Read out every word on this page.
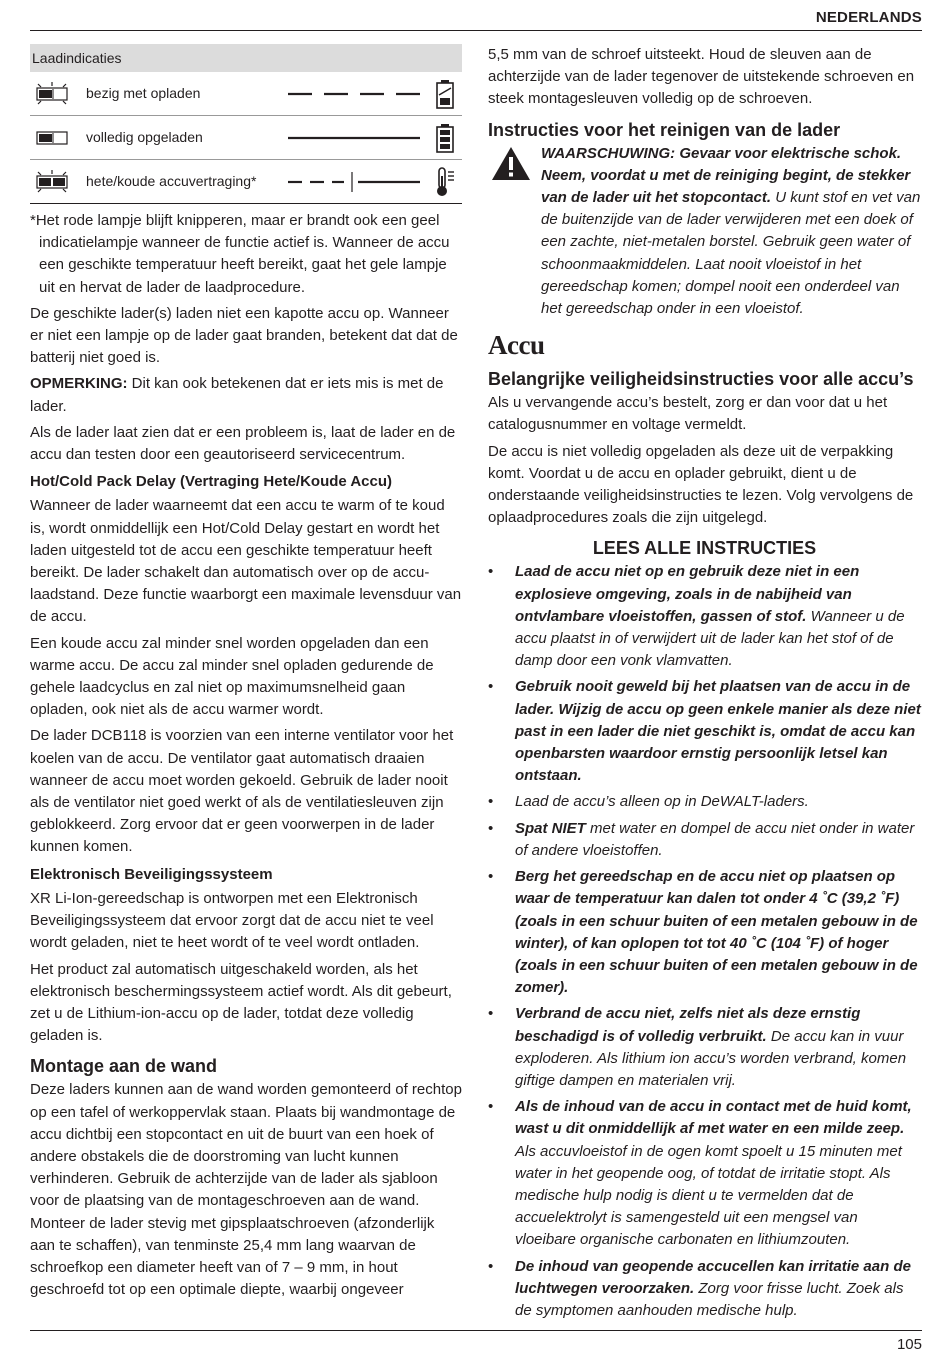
NEDERLANDS
Laadindicaties
bezig met opladen
volledig opgeladen
hete/koude accuvertraging*

*Het rode lampje blijft knipperen, maar er brandt ook een geel indicatielampje wanneer de functie actief is. Wanneer de accu een geschikte temperatuur heeft bereikt, gaat het gele lampje uit en hervat de lader de laadprocedure.

De geschikte lader(s) laden niet een kapotte accu op. Wanneer er niet een lampje op de lader gaat branden, betekent dat dat de batterij niet goed is.

OPMERKING: Dit kan ook betekenen dat er iets mis is met de lader.

Als de lader laat zien dat er een probleem is, laat de lader en de accu dan testen door een geautoriseerd servicecentrum.

Hot/Cold Pack Delay (Vertraging Hete/Koude Accu)

Wanneer de lader waarneemt dat een accu te warm of te koud is, wordt onmiddellijk een Hot/Cold Delay gestart en wordt het laden uitgesteld tot de accu een geschikte temperatuur heeft bereikt. De lader schakelt dan automatisch over op de accu-laadstand. Deze functie waarborgt een maximale levensduur van de accu.

Een koude accu zal minder snel worden opgeladen dan een warme accu. De accu zal minder snel opladen gedurende de gehele laadcyclus en zal niet op maximumsnelheid gaan opladen, ook niet als de accu warmer wordt.

De lader DCB118 is voorzien van een interne ventilator voor het koelen van de accu. De ventilator gaat automatisch draaien wanneer de accu moet worden gekoeld. Gebruik de lader nooit als de ventilator niet goed werkt of als de ventilatiesleuven zijn geblokkeerd. Zorg ervoor dat er geen voorwerpen in de lader kunnen komen.

Elektronisch Beveiligingssysteem

XR Li-Ion-gereedschap is ontworpen met een Elektronisch Beveiligingssysteem dat ervoor zorgt dat de accu niet te veel wordt geladen, niet te heet wordt of te veel wordt ontladen.

Het product zal automatisch uitgeschakeld worden, als het elektronisch beschermingssysteem actief wordt. Als dit gebeurt, zet u de Lithium-ion-accu op de lader, totdat deze volledig geladen is.

Montage aan de wand

Deze laders kunnen aan de wand worden gemonteerd of rechtop op een tafel of werkoppervlak staan. Plaats bij wandmontage de accu dichtbij een stopcontact en uit de buurt van een hoek of andere obstakels die de doorstroming van lucht kunnen verhinderen. Gebruik de achterzijde van de lader als sjabloon voor de plaatsing van de montageschroeven aan de wand. Monteer de lader stevig met gipsplaatschroeven (afzonderlijk aan te schaffen), van tenminste 25,4 mm lang waarvan de schroefkop een diameter heeft van of 7 – 9 mm, in hout geschroefd tot op een optimale diepte, waarbij ongeveer

5,5 mm van de schroef uitsteekt. Houd de sleuven aan de achterzijde van de lader tegenover de uitstekende schroeven en steek montagesleuven volledig op de schroeven.

Instructies voor het reinigen van de lader
WAARSCHUWING: Gevaar voor elektrische schok. Neem, voordat u met de reiniging begint, de stekker van de lader uit het stopcontact. U kunt stof en vet van de buitenzijde van de lader verwijderen met een doek of een zachte, niet-metalen borstel. Gebruik geen water of schoonmaakmiddelen. Laat nooit vloeistof in het gereedschap komen; dompel nooit een onderdeel van het gereedschap onder in een vloeistof.
Accu
Belangrijke veiligheidsinstructies voor alle accu’s

Als u vervangende accu’s bestelt, zorg er dan voor dat u het catalogusnummer en voltage vermeldt.

De accu is niet volledig opgeladen als deze uit de verpakking komt. Voordat u de accu en oplader gebruikt, dient u de onderstaande veiligheidsinstructies te lezen. Volg vervolgens de oplaadprocedures zoals die zijn uitgelegd.

LEES ALLE INSTRUCTIES
• Laad de accu niet op en gebruik deze niet in een explosieve omgeving, zoals in de nabijheid van ontvlambare vloeistoffen, gassen of stof. Wanneer u de accu plaatst in of verwijdert uit de lader kan het stof of de damp door een vonk vlamvatten.
• Gebruik nooit geweld bij het plaatsen van de accu in de lader. Wijzig de accu op geen enkele manier als deze niet past in een lader die niet geschikt is, omdat de accu kan openbarsten waardoor ernstig persoonlijk letsel kan ontstaan.
• Laad de accu’s alleen op in DeWALT-laders.
• Spat NIET met water en dompel de accu niet onder in water of andere vloeistoffen.
• Berg het gereedschap en de accu niet op plaatsen op waar de temperatuur kan dalen tot onder 4 ˚C (39,2 ˚F) (zoals in een schuur buiten of een metalen gebouw in de winter), of kan oplopen tot tot 40 ˚C (104 ˚F) of hoger (zoals in een schuur buiten of een metalen gebouw in de zomer).
• Verbrand de accu niet, zelfs niet als deze ernstig beschadigd is of volledig verbruikt. De accu kan in vuur exploderen. Als lithium ion accu’s worden verbrand, komen giftige dampen en materialen vrij.
• Als de inhoud van de accu in contact met de huid komt, wast u dit onmiddellijk af met water en een milde zeep. Als accuvloeistof in de ogen komt spoelt u 15 minuten met water in het geopende oog, of totdat de irritatie stopt. Als medische hulp nodig is dient u te vermelden dat de accuelektrolyt is samengesteld uit een mengsel van vloeibare organische carbonaten en lithiumzouten.
• De inhoud van geopende accucellen kan irritatie aan de luchtwegen veroorzaken. Zorg voor frisse lucht. Zoek als de symptomen aanhouden medische hulp.
105
